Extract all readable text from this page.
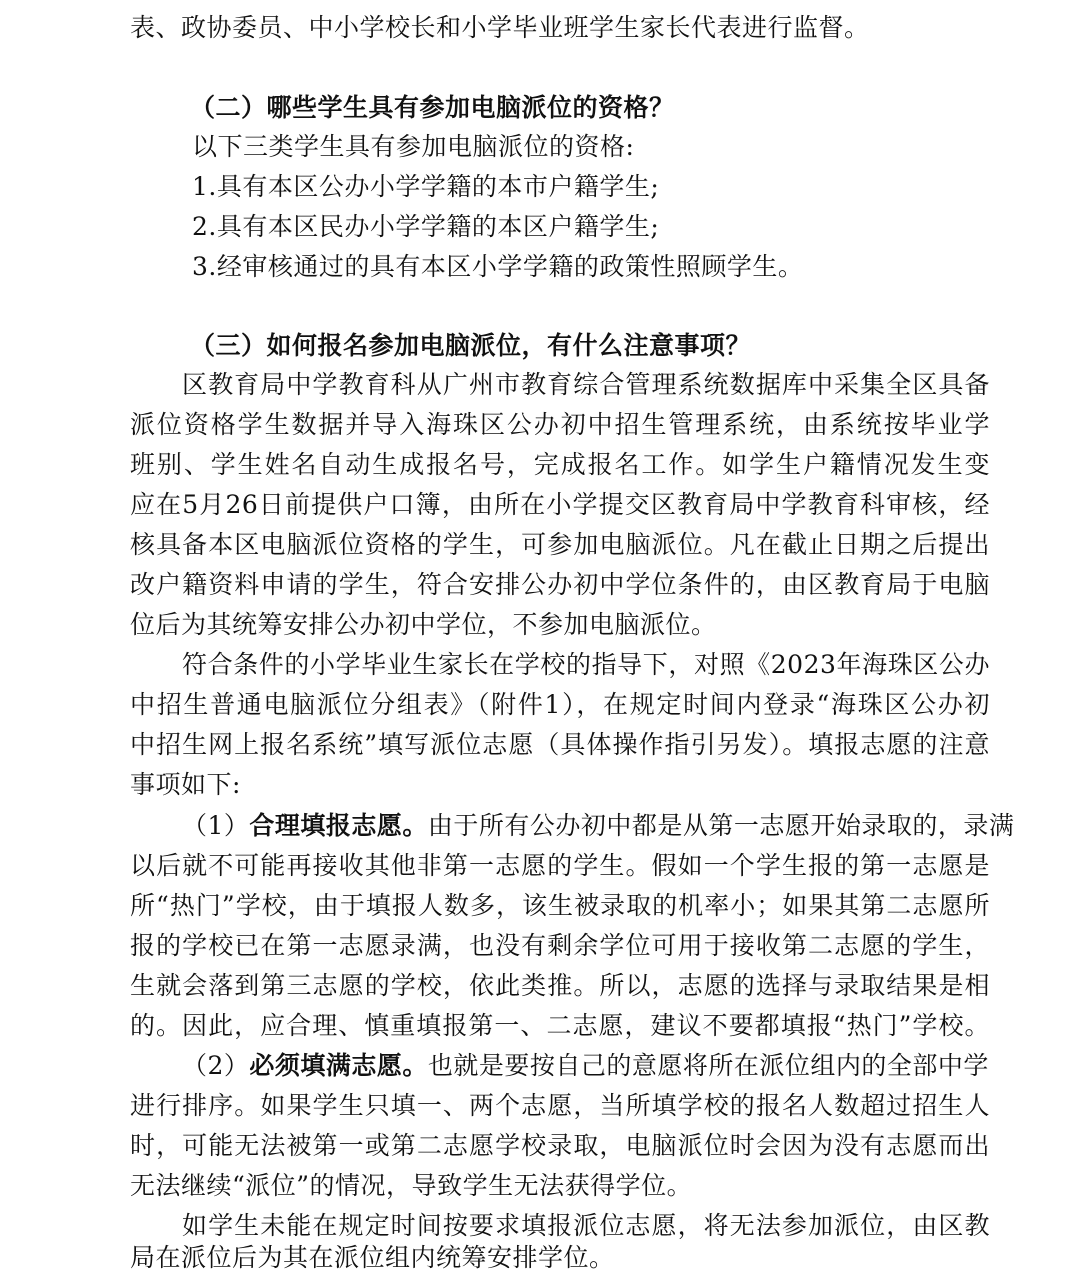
表、政协委员、中小学校长和小学毕业班学生家长代表进行监督。
（二）哪些学生具有参加电脑派位的资格？
以下三类学生具有参加电脑派位的资格:
1.具有本区公办小学学籍的本市户籍学生;
2.具有本区民办小学学籍的本区户籍学生;
3.经审核通过的具有本区小学学籍的政策性照顾学生。
（三）如何报名参加电脑派位，有什么注意事项？
区教育局中学教育科从广州市教育综合管理系统数据库中采集全区具备
派位资格学生数据并导入海珠区公办初中招生管理系统，由系统按毕业学
班别、学生姓名自动生成报名号，完成报名工作。如学生户籍情况发生变
应在5月26日前提供户口簿，由所在小学提交区教育局中学教育科审核，经
核具备本区电脑派位资格的学生，可参加电脑派位。凡在截止日期之后提出
改户籍资料申请的学生，符合安排公办初中学位条件的，由区教育局于电脑
位后为其统筹安排公办初中学位，不参加电脑派位。
符合条件的小学毕业生家长在学校的指导下，对照《2023年海珠区公办
中招生普通电脑派位分组表》（附件1），在规定时间内登录“海珠区公办初
中招生网上报名系统”填写派位志愿（具体操作指引另发）。填报志愿的注意
事项如下:
（1）合理填报志愿。由于所有公办初中都是从第一志愿开始录取的，录满
以后就不可能再接收其他非第一志愿的学生。假如一个学生报的第一志愿是
所“热门”学校，由于填报人数多，该生被录取的机率小；如果其第二志愿所
报的学校已在第一志愿录满，也没有剩余学位可用于接收第二志愿的学生，
生就会落到第三志愿的学校，依此类推。所以，志愿的选择与录取结果是相
的。因此，应合理、慎重填报第一、二志愿，建议不要都填报“热门”学校。
（2）必须填满志愿。也就是要按自己的意愿将所在派位组内的全部中学
进行排序。如果学生只填一、两个志愿，当所填学校的报名人数超过招生人
时，可能无法被第一或第二志愿学校录取，电脑派位时会因为没有志愿而出
无法继续“派位”的情况，导致学生无法获得学位。
如学生未能在规定时间按要求填报派位志愿，将无法参加派位，由区教
局在派位后为其在派位组内统筹安排学位。
